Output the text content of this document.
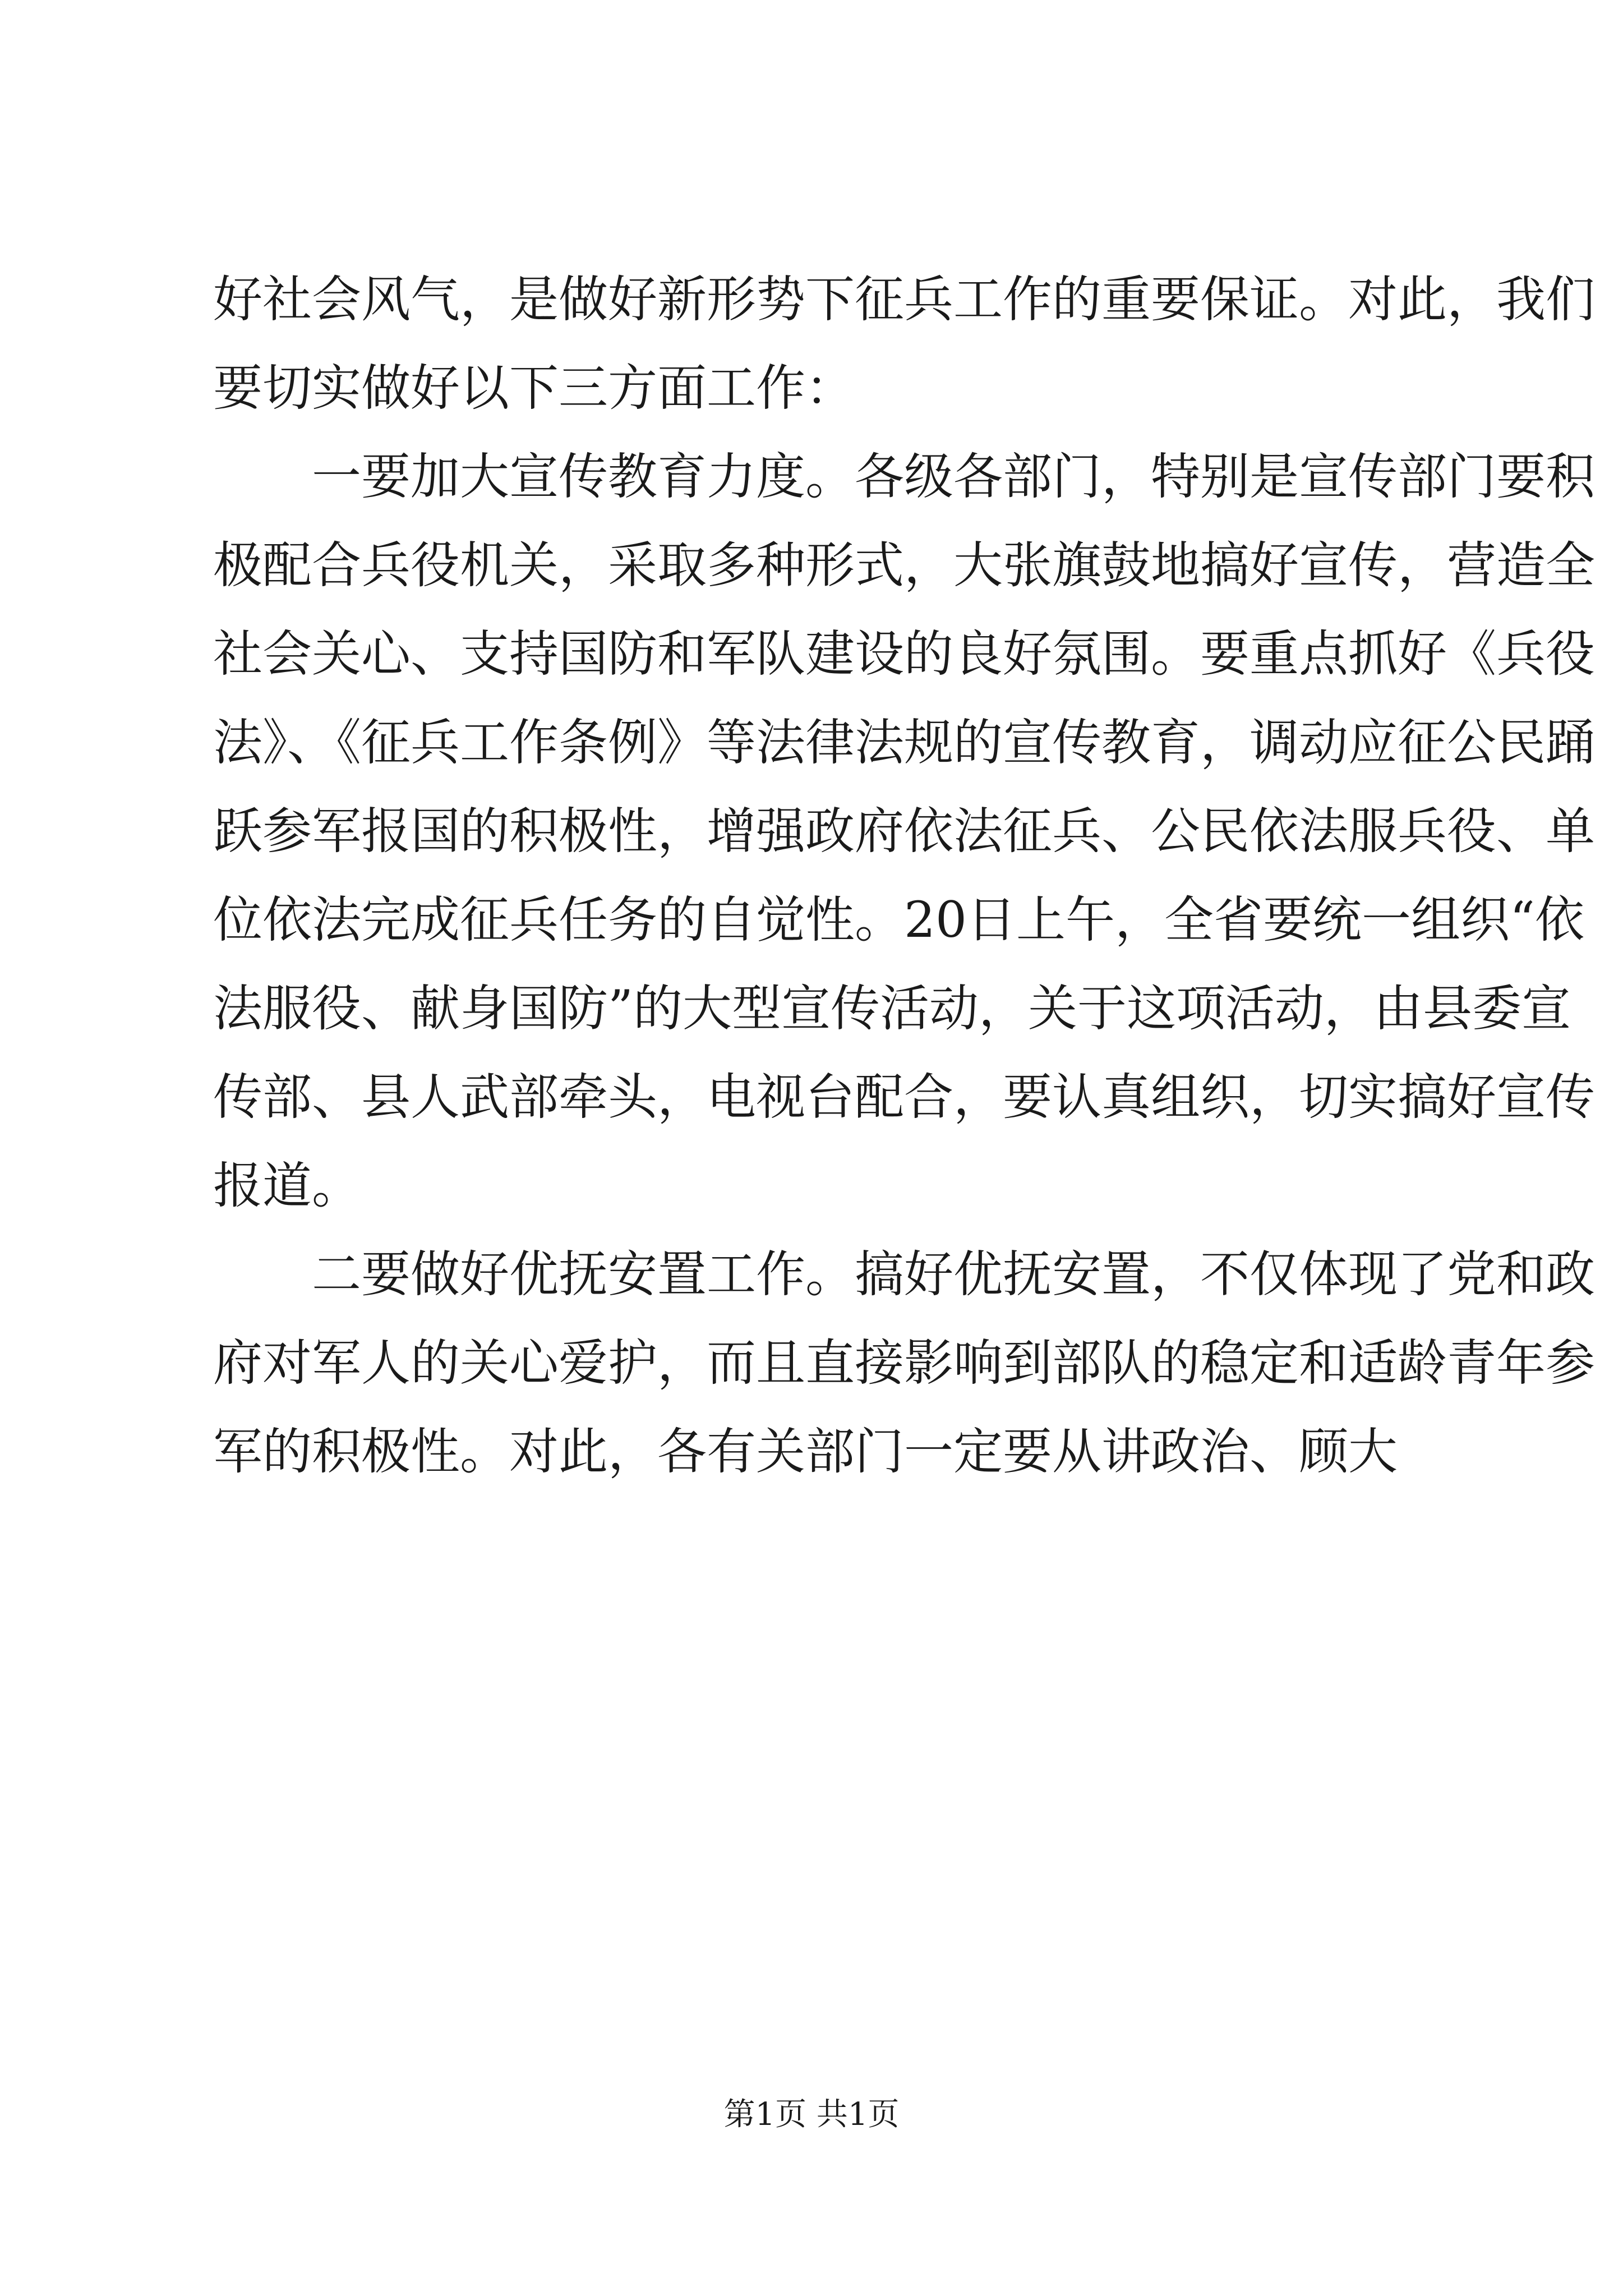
好社会风气，是做好新形势下征兵工作的重要保证。对此，我们
要切实做好以下三方面工作：
一要加大宣传教育力度。各级各部门，特别是宣传部门要积
极配合兵役机关，采取多种形式，大张旗鼓地搞好宣传，营造全
社会关心、支持国防和军队建设的良好氛围。要重点抓好《兵役
法》、《征兵工作条例》等法律法规的宣传教育，调动应征公民踊
跃参军报国的积极性，增强政府依法征兵、公民依法服兵役、单
位依法完成征兵任务的自觉性。20日上午，全省要统一组织“依
法服役、献身国防”的大型宣传活动，关于这项活动，由县委宣
传部、县人武部牵头，电视台配合，要认真组织，切实搞好宣传
报道。
二要做好优抚安置工作。搞好优抚安置，不仅体现了党和政
府对军人的关心爱护，而且直接影响到部队的稳定和适龄青年参
军的积极性。对此，各有关部门一定要从讲政治、顾大
第1页 共1页
